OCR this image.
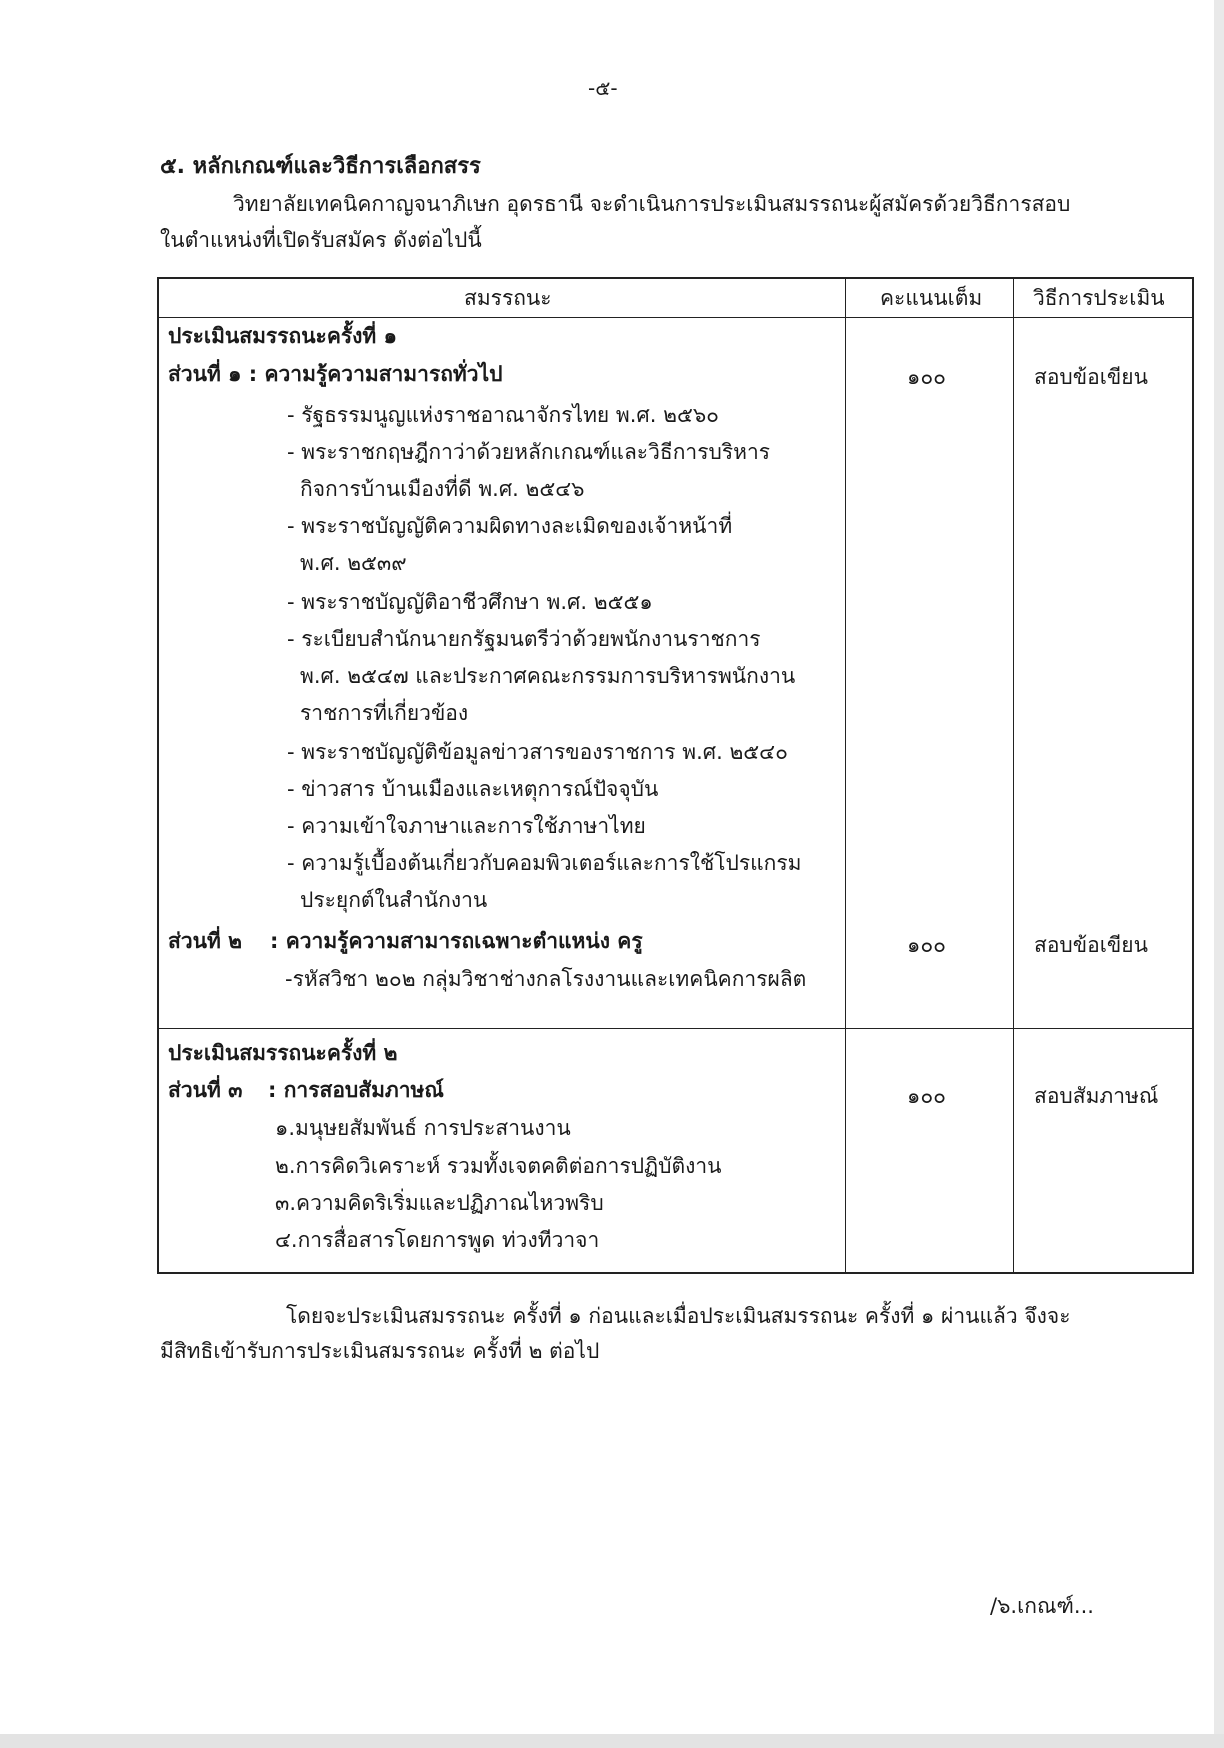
-๕-
๕. หลักเกณฑ์และวิธีการเลือกสรร
วิทยาลัยเทคนิคกาญจนาภิเษก อุดรธานี จะดำเนินการประเมินสมรรถนะผู้สมัครด้วยวิธีการสอบ
ในตำแหน่งที่เปิดรับสมัคร ดังต่อไปนี้
สมรรถนะ	คะแนนเต็ม วิธีการประเมิน
ประเมินสมรรถนะครั้งที่ ๑
ส่วนที่ ๑ : ความรู้ความสามารถทั่วไป	๑๐๐	สอบข้อเขียน
- รัฐธรรมนูญแห่งราชอาณาจักรไทย พ.ศ. ๒๕๖๐
- พระราชกฤษฎีกาว่าด้วยหลักเกณฑ์และวิธีการบริหาร
กิจการบ้านเมืองที่ดี พ.ศ. ๒๕๔๖
- พระราชบัญญัติความผิดทางละเมิดของเจ้าหน้าที่
พ.ศ. ๒๕๓๙
- พระราชบัญญัติอาชีวศึกษา พ.ศ. ๒๕๕๑
- ระเบียบสำนักนายกรัฐมนตรีว่าด้วยพนักงานราชการ
พ.ศ. ๒๕๔๗ และประกาศคณะกรรมการบริหารพนักงาน
ราชการที่เกี่ยวข้อง
- พระราชบัญญัติข้อมูลข่าวสารของราชการ พ.ศ. ๒๕๔๐
- ข่าวสาร บ้านเมืองและเหตุการณ์ปัจจุบัน
- ความเข้าใจภาษาและการใช้ภาษาไทย
- ความรู้เบื้องต้นเกี่ยวกับคอมพิวเตอร์และการใช้โปรแกรม
ประยุกต์ในสำนักงาน
ส่วนที่ ๒ : ความรู้ความสามารถเฉพาะตำแหน่ง ครู	๑๐๐	สอบข้อเขียน
-รหัสวิชา ๒๐๒ กลุ่มวิชาช่างกลโรงงานและเทคนิคการผลิต
ประเมินสมรรถนะครั้งที่ ๒
ส่วนที่ ๓ : การสอบสัมภาษณ์	๑๐๐	สอบสัมภาษณ์
๑.มนุษยสัมพันธ์ การประสานงาน
๒.การคิดวิเคราะห์ รวมทั้งเจตคติต่อการปฏิบัติงาน
๓.ความคิดริเริ่มและปฏิภาณไหวพริบ
๔.การสื่อสารโดยการพูด ท่วงทีวาจา
โดยจะประเมินสมรรถนะ ครั้งที่ ๑ ก่อนและเมื่อประเมินสมรรถนะ ครั้งที่ ๑ ผ่านแล้ว จึงจะ
มีสิทธิเข้ารับการประเมินสมรรถนะ ครั้งที่ ๒ ต่อไป
/๖.เกณฑ์...
